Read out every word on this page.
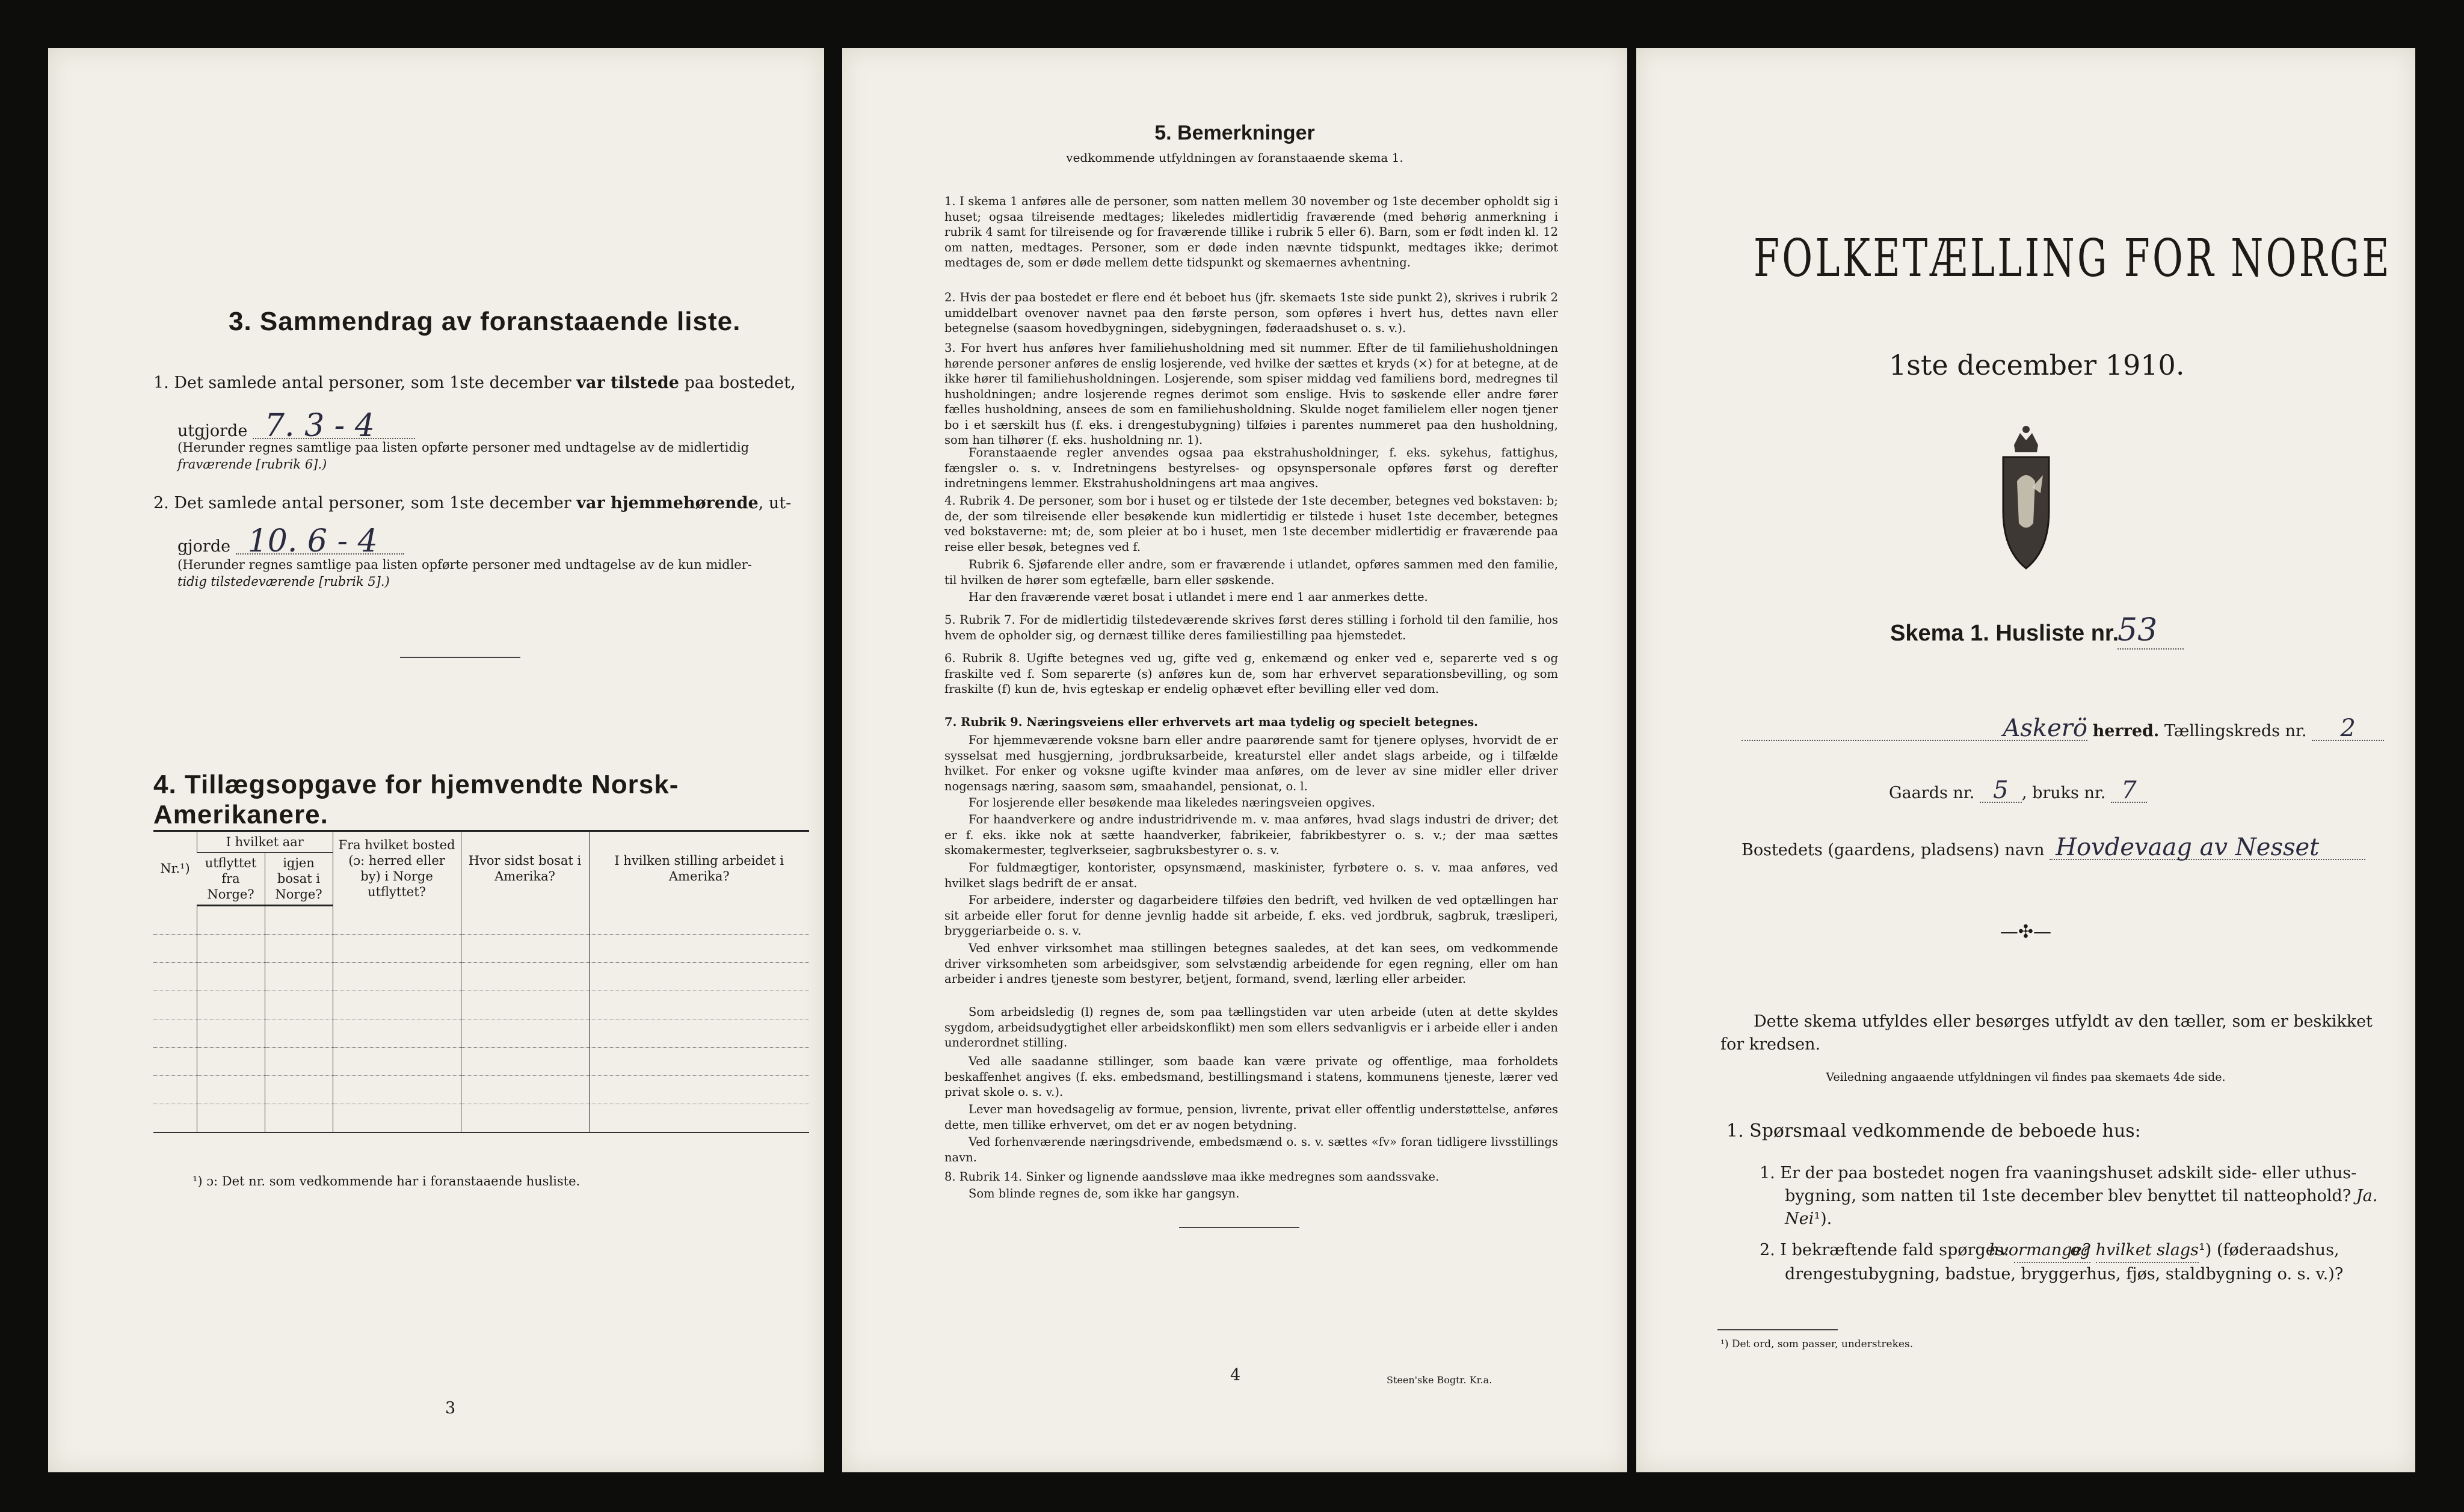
3. Sammendrag av foranstaaende liste.
1. Det samlede antal personer, som 1ste december var tilstede paa bostedet,
utgjorde 7. 3 - 4
(Herunder regnes samtlige paa listen opførte personer med undtagelse av de midlertidig
fraværende [rubrik 6].)
2. Det samlede antal personer, som 1ste december var hjemmehørende, ut-
gjorde 10. 6 - 4
(Herunder regnes samtlige paa listen opførte personer med undtagelse av de kun midler-
tidig tilstedeværende [rubrik 5].)
4. Tillægsopgave for hjemvendte Norsk-Amerikanere.
Nr.¹)	I hvilket aar		Fra hvilket bosted (ɔ: herred eller by) i Norge utflyttet?	Hvor sidst bosat i Amerika?	I hvilken stilling arbeidet i Amerika?
	utflyttet fra Norge?	igjen bosat i Norge?			

¹) ɔ: Det nr. som vedkommende har i foranstaaende husliste.
3
5. Bemerkninger
vedkommende utfyldningen av foranstaaende skema 1.
1. I skema 1 anføres alle de personer, som natten mellem 30 november og 1ste december opholdt sig i huset; ogsaa tilreisende medtages; likeledes midlertidig fraværende (med behørig anmerkning i rubrik 4 samt for tilreisende og for fraværende tillike i rubrik 5 eller 6). Barn, som er født inden kl. 12 om natten, medtages. Personer, som er døde inden nævnte tidspunkt, medtages ikke; derimot medtages de, som er døde mellem dette tidspunkt og skemaernes avhentning.
2. Hvis der paa bostedet er flere end ét beboet hus (jfr. skemaets 1ste side punkt 2), skrives i rubrik 2 umiddelbart ovenover navnet paa den første person, som opføres i hvert hus, dettes navn eller betegnelse (saasom hovedbygningen, sidebygningen, føderaadshuset o. s. v.).
3. For hvert hus anføres hver familiehusholdning med sit nummer. Efter de til familiehusholdningen hørende personer anføres de enslig losjerende, ved hvilke der sættes et kryds (×) for at betegne, at de ikke hører til familiehusholdningen. Losjerende, som spiser middag ved familiens bord, medregnes til husholdningen; andre losjerende regnes derimot som enslige. Hvis to søskende eller andre fører fælles husholdning, ansees de som en familiehusholdning. Skulde noget familielem eller nogen tjener bo i et særskilt hus (f. eks. i drengestubygning) tilføies i parentes nummeret paa den husholdning, som han tilhører (f. eks. husholdning nr. 1).
Foranstaaende regler anvendes ogsaa paa ekstrahusholdninger, f. eks. sykehus, fattighus, fængsler o. s. v. Indretningens bestyrelses- og opsynspersonale opføres først og derefter indretningens lemmer. Ekstrahusholdningens art maa angives.
4. Rubrik 4. De personer, som bor i huset og er tilstede der 1ste december, betegnes ved bokstaven: b; de, der som tilreisende eller besøkende kun midlertidig er tilstede i huset 1ste december, betegnes ved bokstaverne: mt; de, som pleier at bo i huset, men 1ste december midlertidig er fraværende paa reise eller besøk, betegnes ved f.
Rubrik 6. Sjøfarende eller andre, som er fraværende i utlandet, opføres sammen med den familie, til hvilken de hører som egtefælle, barn eller søskende.
Har den fraværende været bosat i utlandet i mere end 1 aar anmerkes dette.
5. Rubrik 7. For de midlertidig tilstedeværende skrives først deres stilling i forhold til den familie, hos hvem de opholder sig, og dernæst tillike deres familiestilling paa hjemstedet.
6. Rubrik 8. Ugifte betegnes ved ug, gifte ved g, enkemænd og enker ved e, separerte ved s og fraskilte ved f. Som separerte (s) anføres kun de, som har erhvervet separationsbevilling, og som fraskilte (f) kun de, hvis egteskap er endelig ophævet efter bevilling eller ved dom.
7. Rubrik 9. Næringsveiens eller erhvervets art maa tydelig og specielt betegnes.
For hjemmeværende voksne barn eller andre paarørende samt for tjenere oplyses, hvorvidt de er sysselsat med husgjerning, jordbruksarbeide, kreaturstel eller andet slags arbeide, og i tilfælde hvilket. For enker og voksne ugifte kvinder maa anføres, om de lever av sine midler eller driver nogensags næring, saasom søm, smaahandel, pensionat, o. l.
For losjerende eller besøkende maa likeledes næringsveien opgives.
For haandverkere og andre industridrivende m. v. maa anføres, hvad slags industri de driver; det er f. eks. ikke nok at sætte haandverker, fabrikeier, fabrikbestyrer o. s. v.; der maa sættes skomakermester, teglverkseier, sagbruksbestyrer o. s. v.
For fuldmægtiger, kontorister, opsynsmænd, maskinister, fyrbøtere o. s. v. maa anføres, ved hvilket slags bedrift de er ansat.
For arbeidere, inderster og dagarbeidere tilføies den bedrift, ved hvilken de ved optællingen har sit arbeide eller forut for denne jevnlig hadde sit arbeide, f. eks. ved jordbruk, sagbruk, træsliperi, bryggeriarbeide o. s. v.
Ved enhver virksomhet maa stillingen betegnes saaledes, at det kan sees, om vedkommende driver virksomheten som arbeidsgiver, som selvstændig arbeidende for egen regning, eller om han arbeider i andres tjeneste som bestyrer, betjent, formand, svend, lærling eller arbeider.
Som arbeidsledig (l) regnes de, som paa tællingstiden var uten arbeide (uten at dette skyldes sygdom, arbeidsudygtighet eller arbeidskonflikt) men som ellers sedvanligvis er i arbeide eller i anden underordnet stilling.
Ved alle saadanne stillinger, som baade kan være private og offentlige, maa forholdets beskaffenhet angives (f. eks. embedsmand, bestillingsmand i statens, kommunens tjeneste, lærer ved privat skole o. s. v.).
Lever man hovedsagelig av formue, pension, livrente, privat eller offentlig understøttelse, anføres dette, men tillike erhvervet, om det er av nogen betydning.
Ved forhenværende næringsdrivende, embedsmænd o. s. v. sættes «fv» foran tidligere livsstillings navn.
8. Rubrik 14. Sinker og lignende aandssløve maa ikke medregnes som aandssvake.
Som blinde regnes de, som ikke har gangsyn.
4	Steen'ske Bogtr. Kr.a.
FOLKETÆLLING FOR NORGE
1ste december 1910.
Skema 1. Husliste nr.
53
Askerö herred. Tællingskreds nr. 2
Gaards nr. 5 , bruks nr. 7
Bostedets (gaardens, pladsens) navn Hovdevaag av Nesset
—✣—
Dette skema utfyldes eller besørges utfyldt av den tæller, som er beskikket for kredsen.
Veiledning angaaende utfyldningen vil findes paa skemaets 4de side.
1. Spørsmaal vedkommende de beboede hus:
1. Er der paa bostedet nogen fra vaaningshuset adskilt side- eller uthus-bygning, som natten til 1ste december blev benyttet til natteophold? Ja. Nei¹).
2. I bekræftende fald spørges: hvormange? og hvilket slags¹) (føderaadshus, drengestubygning, badstue, bryggerhus, fjøs, staldbygning o. s. v.)?
¹) Det ord, som passer, understrekes.
